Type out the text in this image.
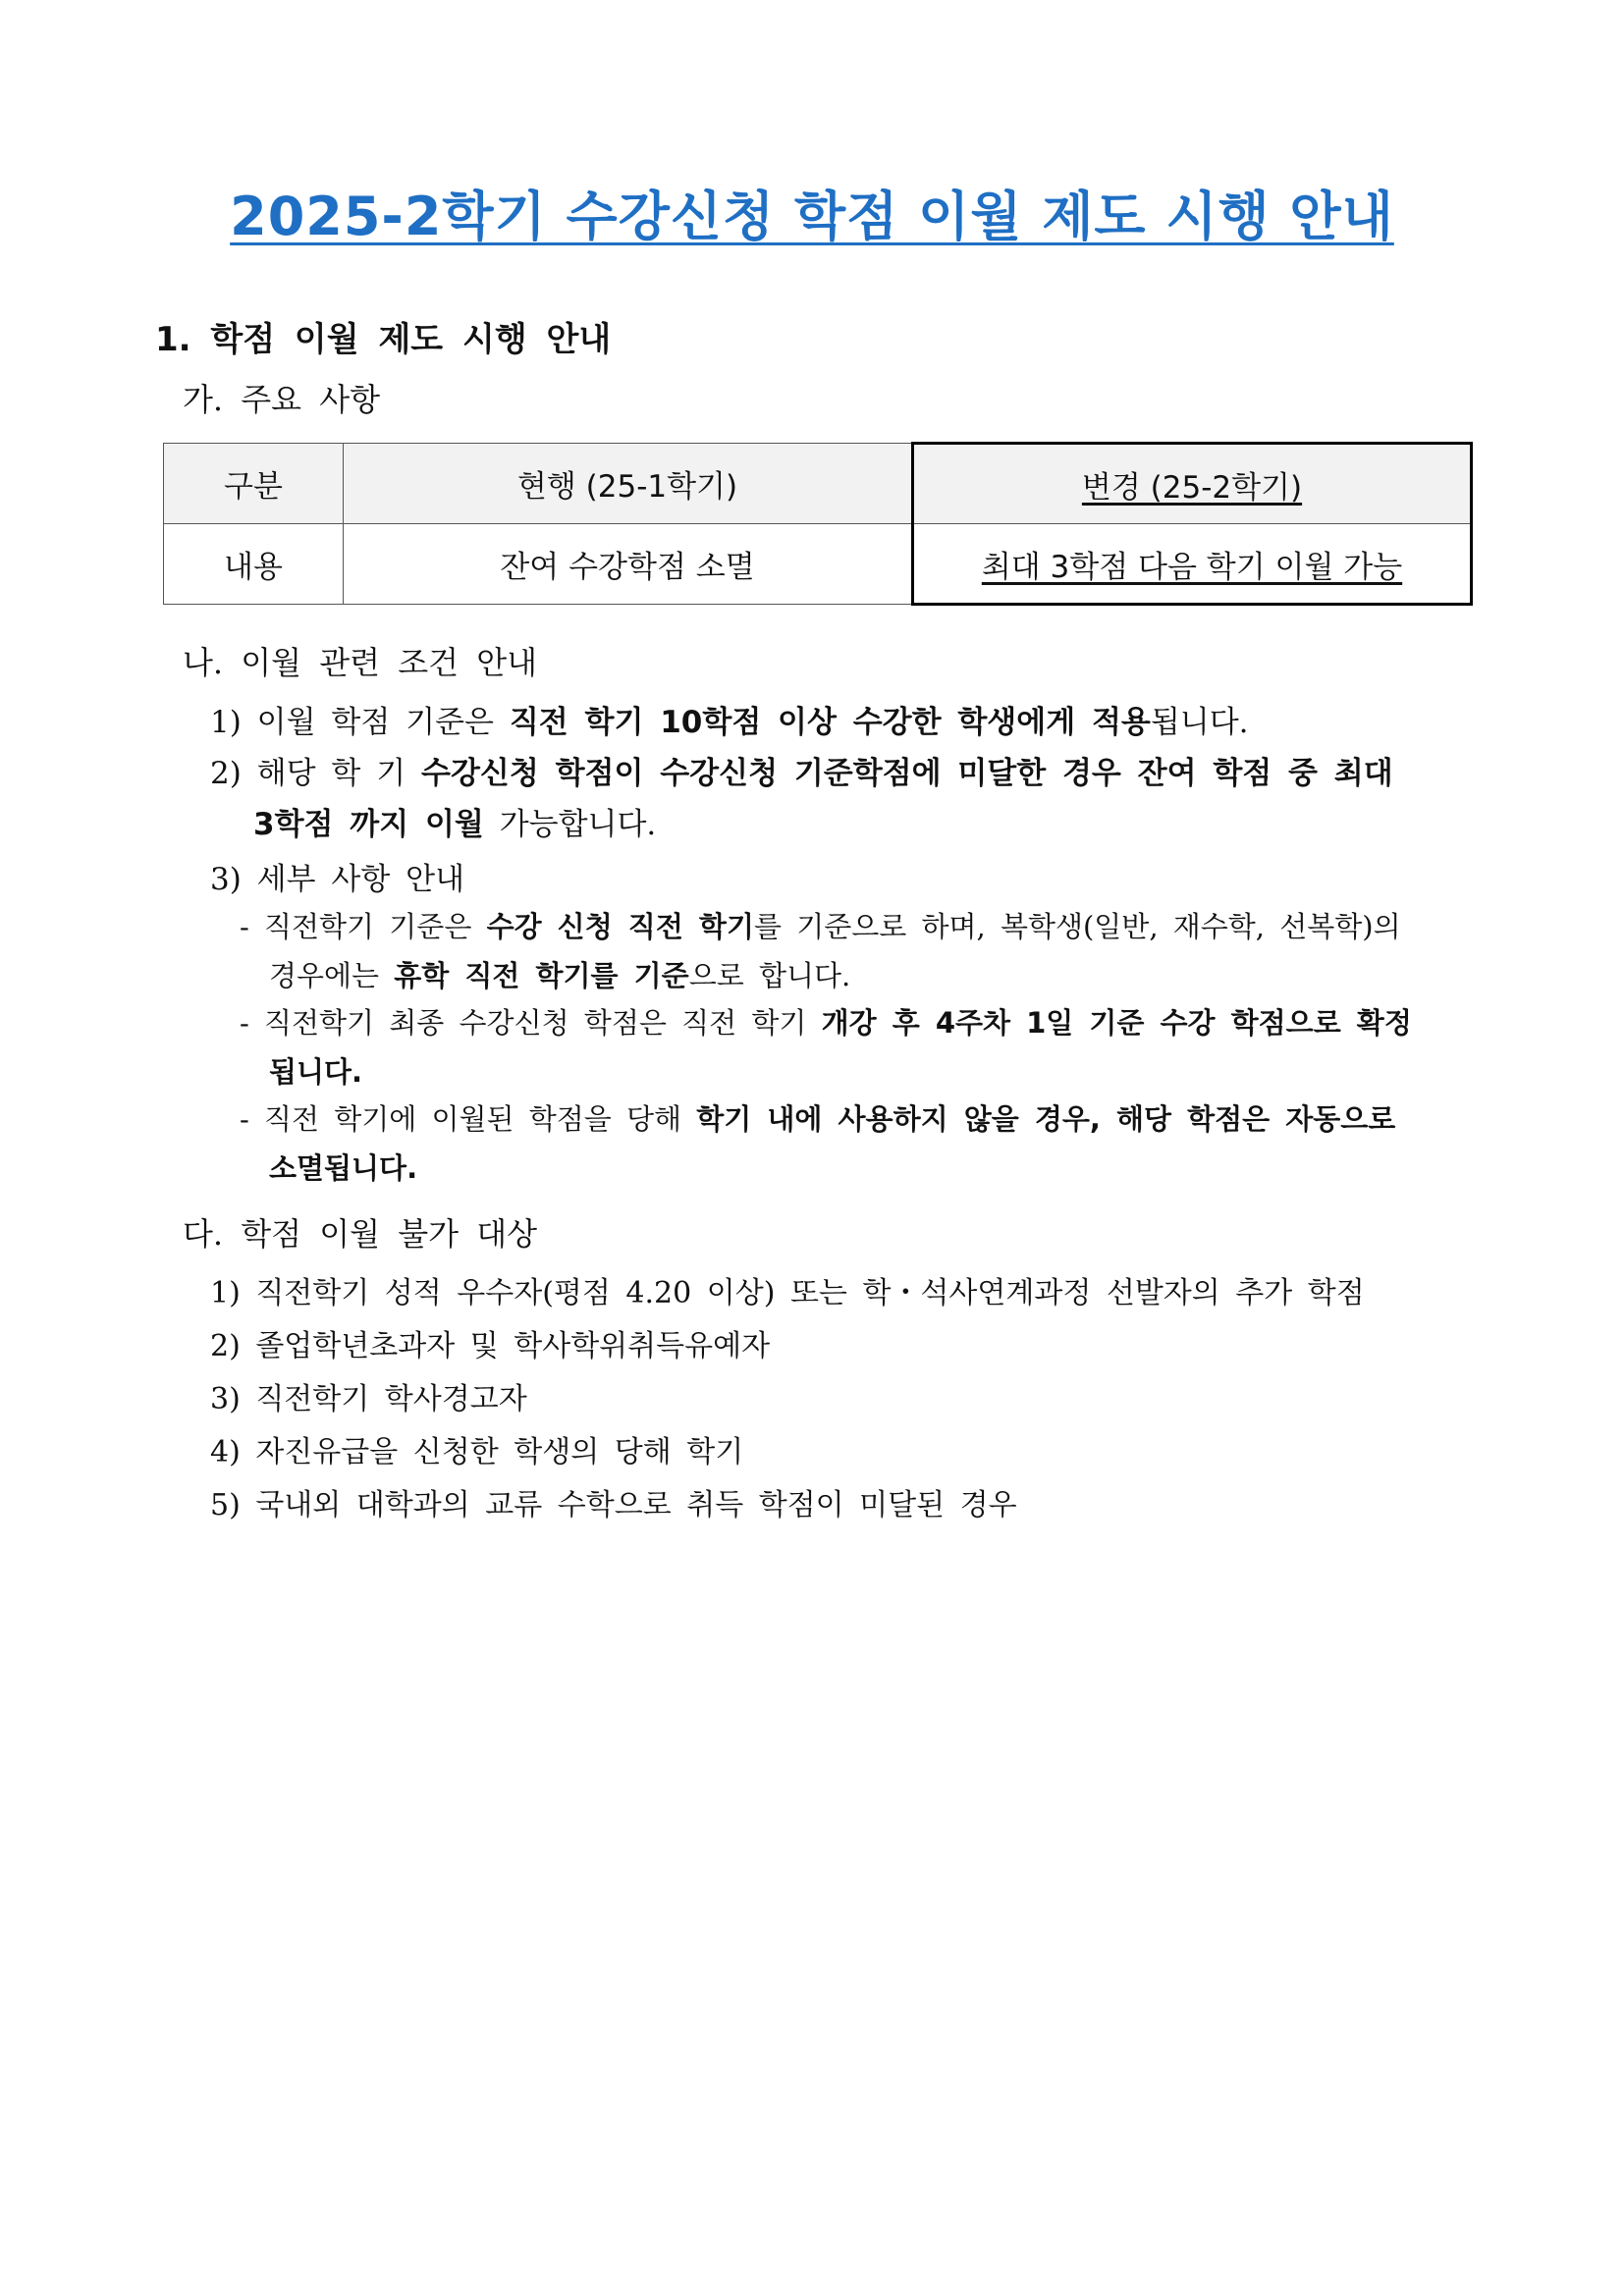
2025-2학기 수강신청 학점 이월 제도 시행 안내
1. 학점 이월 제도 시행 안내
가. 주요 사항
구분	현행 (25-1학기)	변경 (25-2학기)
내용	잔여 수강학점 소멸	최대 3학점 다음 학기 이월 가능
나. 이월 관련 조건 안내
1) 이월 학점 기준은 직전 학기 10학점 이상 수강한 학생에게 적용됩니다.
2) 해당 학 기 수강신청 학점이 수강신청 기준학점에 미달한 경우 잔여 학점 중 최대
3학점 까지 이월 가능합니다.
3) 세부 사항 안내
- 직전학기 기준은 수강 신청 직전 학기를 기준으로 하며, 복학생(일반, 재수학, 선복학)의
경우에는 휴학 직전 학기를 기준으로 합니다.
- 직전학기 최종 수강신청 학점은 직전 학기 개강 후 4주차 1일 기준 수강 학점으로 확정
됩니다.
- 직전 학기에 이월된 학점을 당해 학기 내에 사용하지 않을 경우, 해당 학점은 자동으로
소멸됩니다.
다. 학점 이월 불가 대상
1) 직전학기 성적 우수자(평점 4.20 이상) 또는 학・석사연계과정 선발자의 추가 학점
2) 졸업학년초과자 및 학사학위취득유예자
3) 직전학기 학사경고자
4) 자진유급을 신청한 학생의 당해 학기
5) 국내외 대학과의 교류 수학으로 취득 학점이 미달된 경우
